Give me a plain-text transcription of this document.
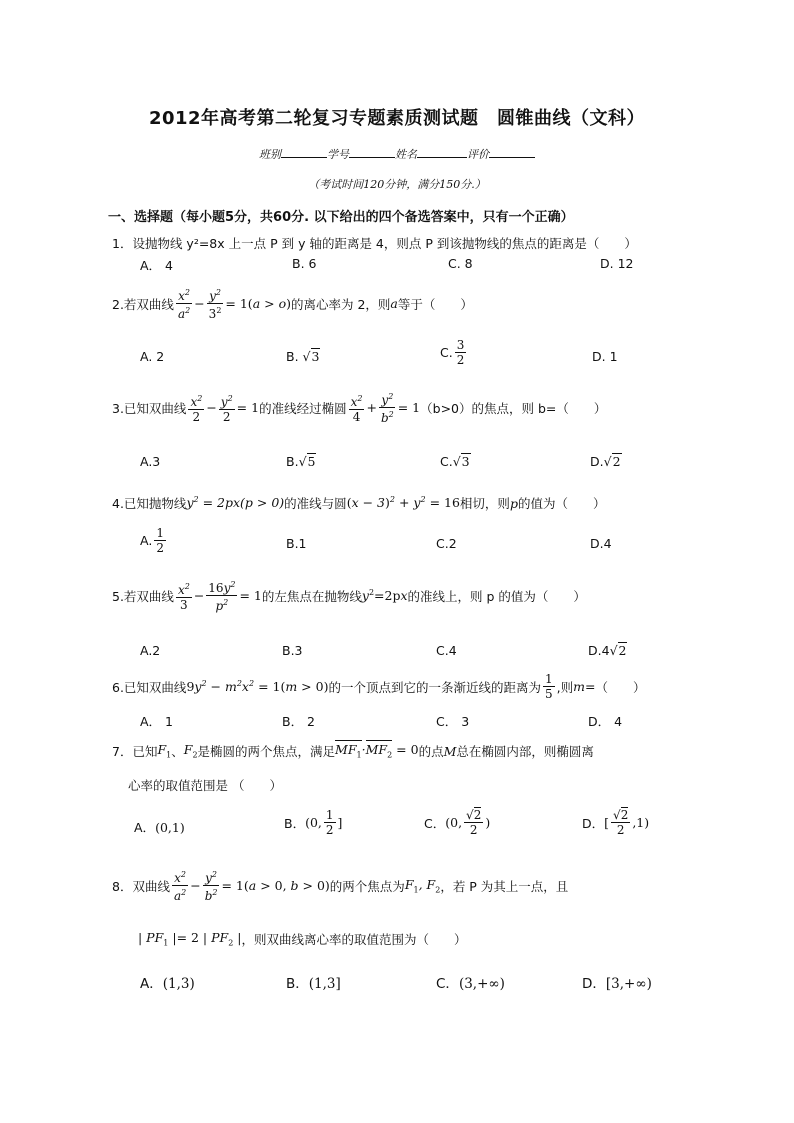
2012年高考第二轮复习专题素质测试题　圆锥曲线（文科）
班别	学号	姓名	评价
（考试时间120分钟，满分150分.）
一、选择题（每小题5分，共60分. 以下给出的四个备选答案中，只有一个正确）
1．设抛物线 y²=8x 上一点 P 到 y 轴的距离是 4，则点 P 到该抛物线的焦点的距离是（　　）
A． 4	B. 6	C. 8	D. 12
2.若双曲线 $\frac{x^2}{a^2} - \frac{y^2}{3^2} = 1(a > o)$ 的离心率为 2，则 a 等于（　　）
A. 2	B. √3	C. $\frac{3}{2}$	D. 1
3.已知双曲线 $\frac{x^2}{2} - \frac{y^2}{2} = 1$ 的准线经过椭圆 $\frac{x^2}{4} + \frac{y^2}{b^2} = 1$ （b>0）的焦点，则 b=（　　）
A.3	B.√5	C.√3	D.√2
4.已知抛物线 $y^2 = 2px(p > 0)$ 的准线与圆 $(x - 3)^2 + y^2 = 16$ 相切，则 p 的值为（　　）
A. $\frac{1}{2}$	B.1	C.2	D.4
5.若双曲线 $\frac{x^2}{3} - \frac{16y^2}{p^2} = 1$ 的左焦点在抛物线 $y^2=2px$ 的准线上，则 p 的值为（　　）
A.2	B.3	C.4	D.4√2
6.已知双曲线 $9y^2 - m^2x^2 = 1(m > 0)$ 的一个顶点到它的一条渐近线的距离为 $\frac{1}{5}$ ,则 m = （　　）
A． 1	B． 2	C． 3	D． 4
7．已知 $F_1$ 、 $F_2$ 是椭圆的两个焦点，满足 $MF_1\cdot MF_2 = 0$ 的点 M 总在椭圆内部，则椭圆离
心率的取值范围是 （　　）
A．(0,1)	B． (0, $\frac{1}{2}$ ]	C． (0, $\frac{√2}{2}$ )	D． [ $\frac{√2}{2} ,1$)
8．双曲线 $\frac{x^2}{a^2} - \frac{y^2}{b^2} = 1(a > 0$, b > 0) 的两个焦点为 $F_1$, $F_2$ ，若 P 为其上一点，且
| $PF_1$ |= 2 | $PF_2$ | ，则双曲线离心率的取值范围为（　　）
A．(1,3)	B．(1,3]	C．(3,+∞)	D．[3,+∞)
